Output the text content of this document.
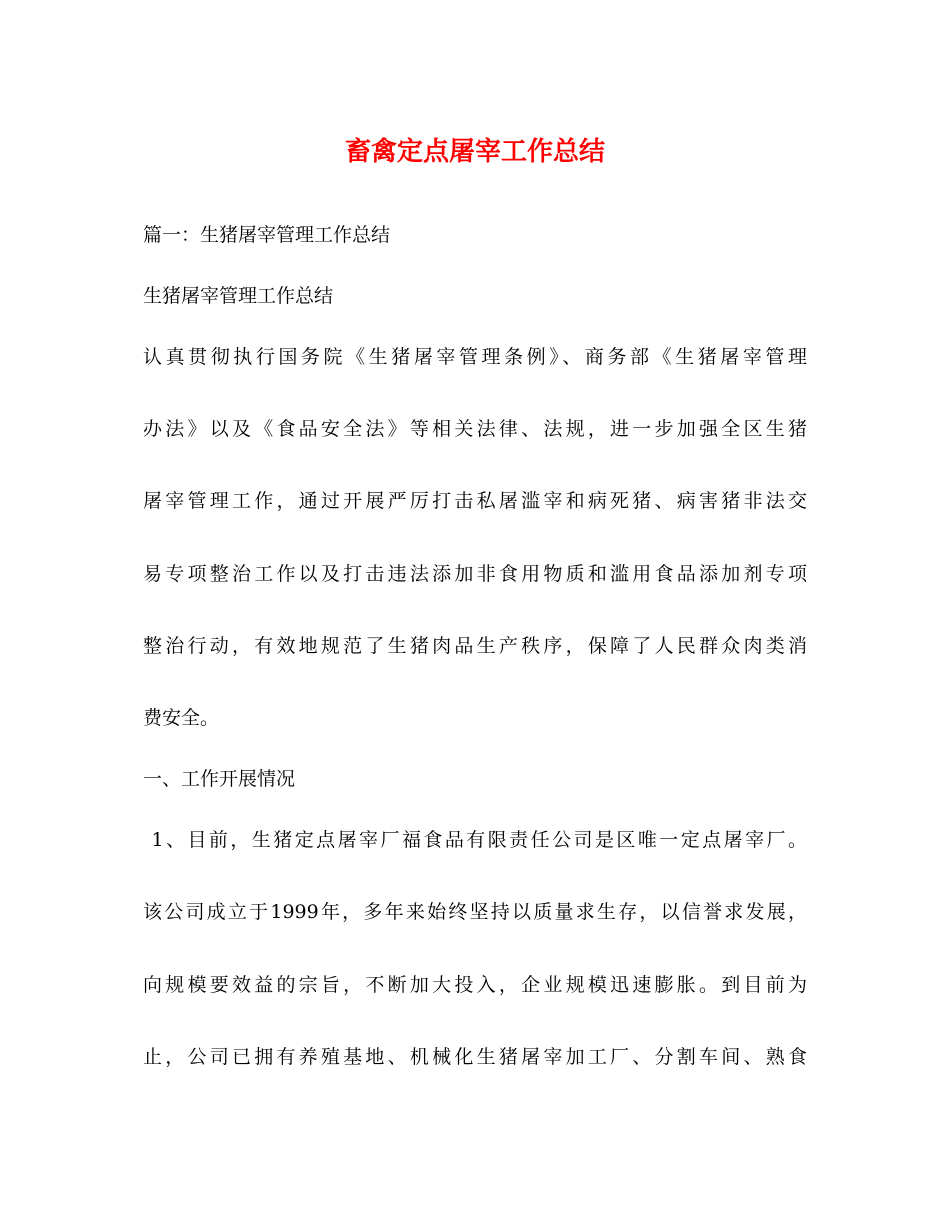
畜禽定点屠宰工作总结
篇一：生猪屠宰管理工作总结
生猪屠宰管理工作总结
认真贯彻执行国务院《生猪屠宰管理条例》、商务部《生猪屠宰管理
办法》以及《食品安全法》等相关法律、法规，进一步加强全区生猪
屠宰管理工作，通过开展严厉打击私屠滥宰和病死猪、病害猪非法交
易专项整治工作以及打击违法添加非食用物质和滥用食品添加剂专项
整治行动，有效地规范了生猪肉品生产秩序，保障了人民群众肉类消
费安全。
一、工作开展情况
1、目前，生猪定点屠宰厂福食品有限责任公司是区唯一定点屠宰厂。
该公司成立于1999年，多年来始终坚持以质量求生存，以信誉求发展，
向规模要效益的宗旨，不断加大投入，企业规模迅速膨胀。到目前为
止，公司已拥有养殖基地、机械化生猪屠宰加工厂、分割车间、熟食
